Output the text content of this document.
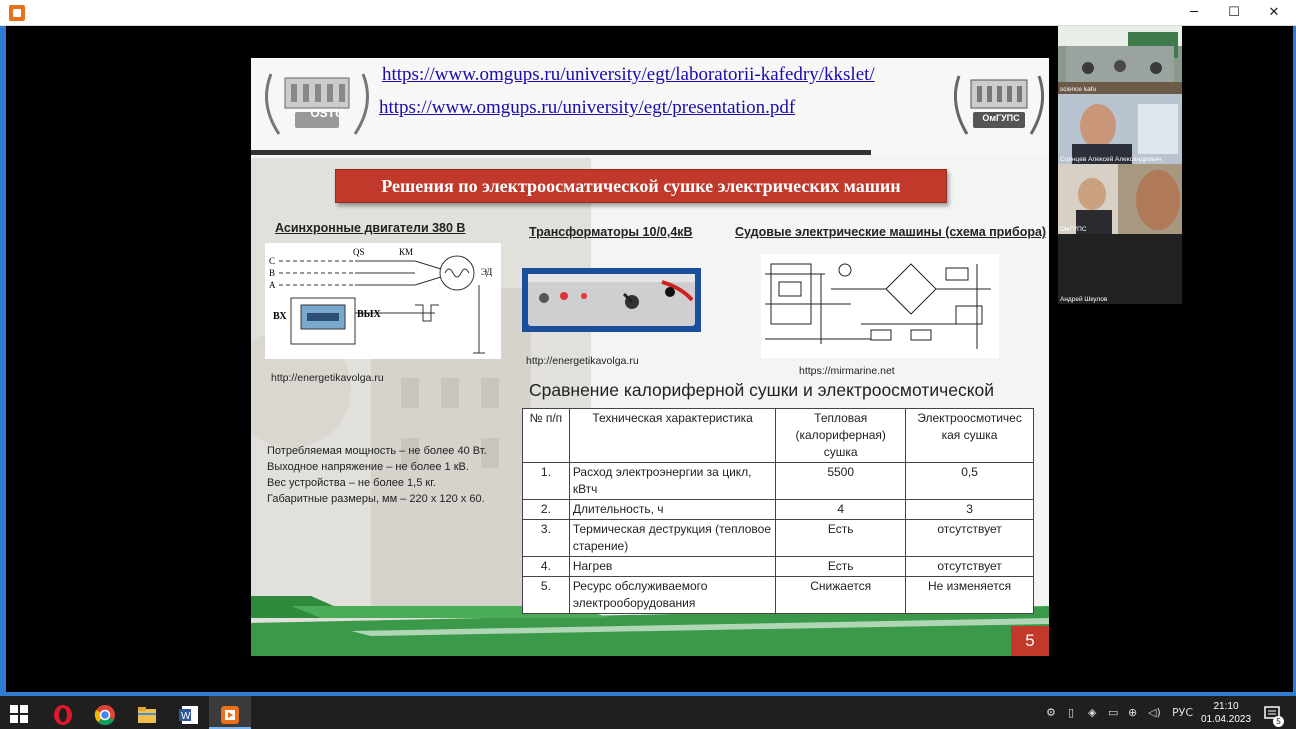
─	☐	✕
OSTU
https://www.omgups.ru/university/egt/laboratorii-kafedry/kkslet/
https://www.omgups.ru/university/egt/presentation.pdf	ОмГУПС
Решения по электроосматической сушке электрических машин
Асинхронные двигатели 380 В	Трансформаторы 10/0,4кВ	Судовые электрические машины (схема прибора)
C
B
A
QS	КМ
ЭД
ВХ	ВЫХ
http://energetikavolga.ru
http://energetikavolga.ru
https://mirmarine.net
Потребляемая мощность – не более 40 Вт.
Выходное напряжение – не более 1 кВ.
Вес устройства – не более 1,5 кг.
Габаритные размеры, мм – 220 х 120 х 60.
Сравнение калориферной сушки и электроосмотической
№ п/п	Техническая характеристика	Тепловая (калориферная) сушка	Электроосмотичес кая сушка
1.	Расход электроэнергии за цикл, кВтч	5500	0,5
2.	Длительность, ч	4	3
3.	Термическая деструкция (тепловое старение)	Есть	отсутствует
4.	Нагрев	Есть	отсутствует
5.	Ресурс обслуживаемого электрооборудования	Снижается	Не изменяется
5
science kafu
Солнцев Алексей Александрович
ОмГУПС
Андрей Шкулов
W	⚙ ▯ ◈ ▭ ⊕ ◁) РУС	21:10
01.04.2023	5
